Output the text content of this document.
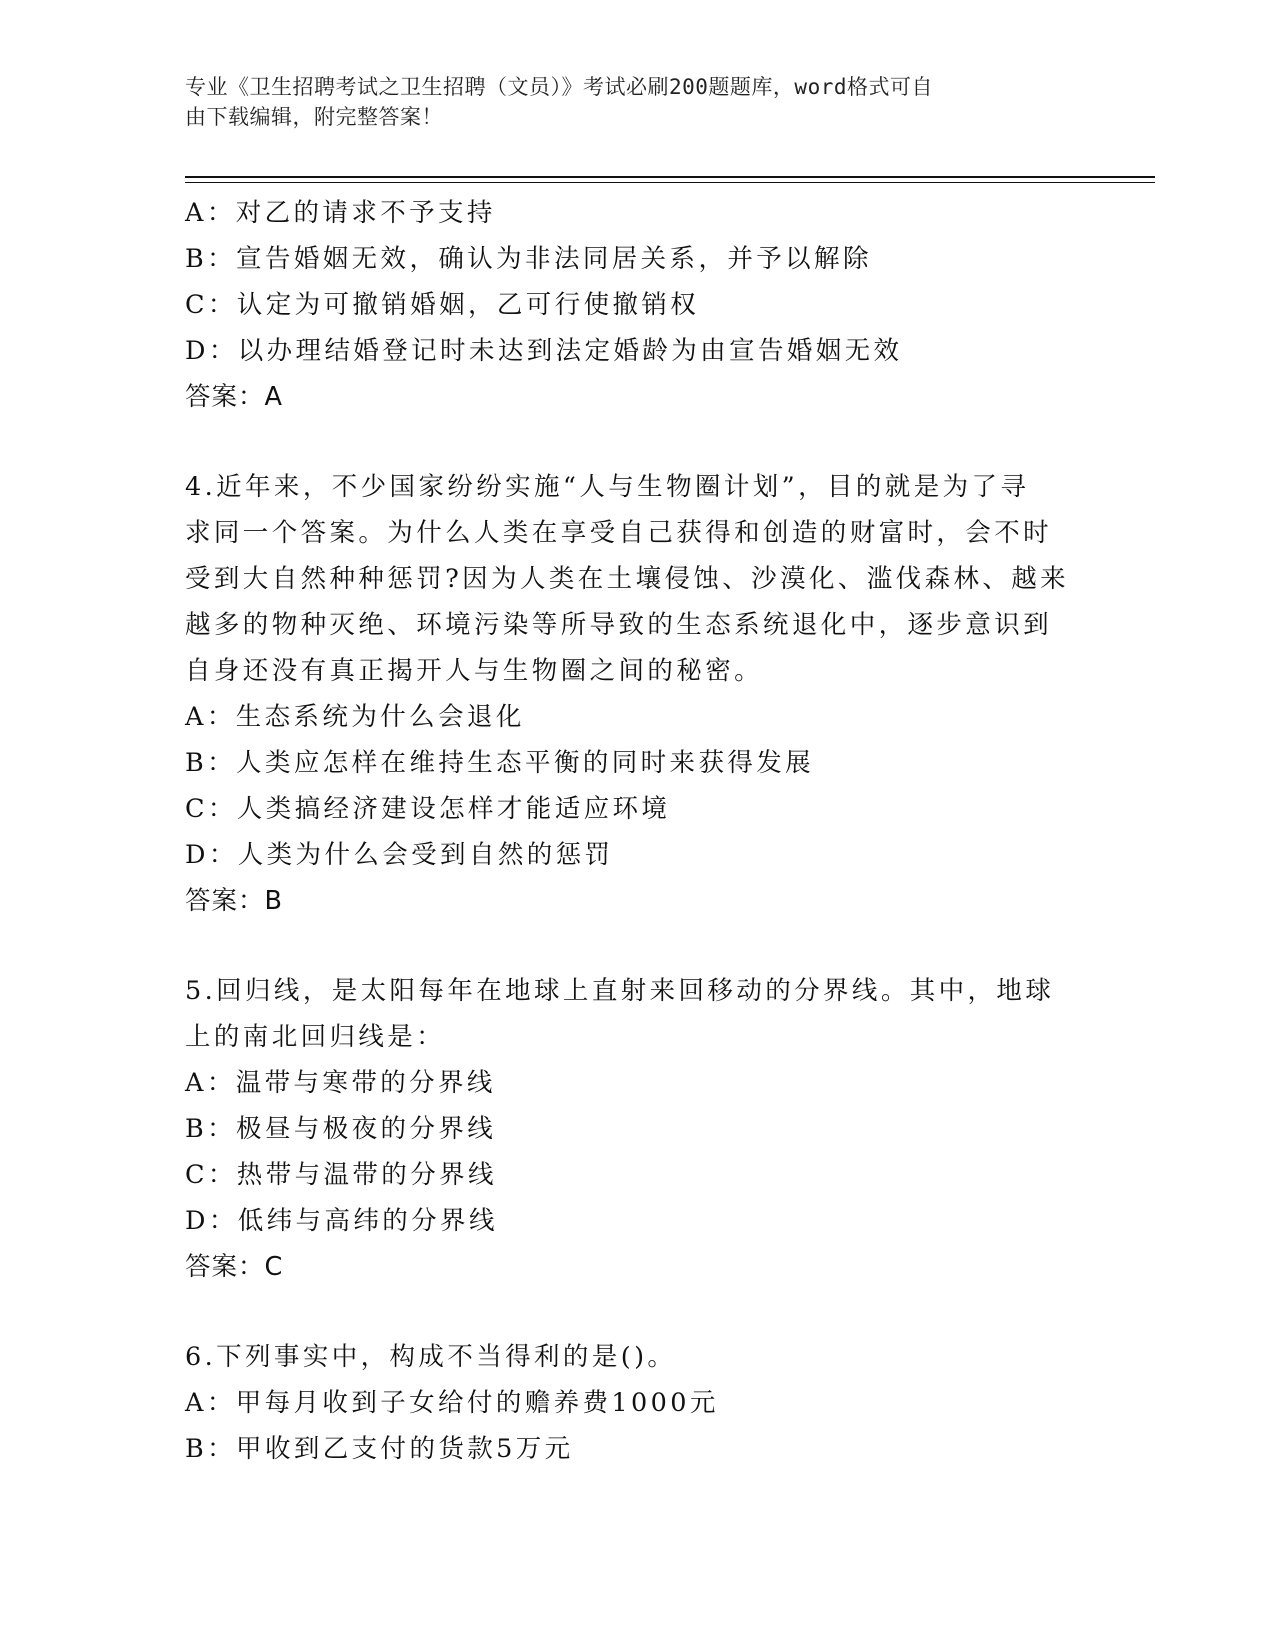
专业《卫生招聘考试之卫生招聘（文员）》考试必刷200题题库，word格式可自
由下载编辑，附完整答案！
A：对乙的请求不予支持
B：宣告婚姻无效，确认为非法同居关系，并予以解除
C：认定为可撤销婚姻，乙可行使撤销权
D：以办理结婚登记时未达到法定婚龄为由宣告婚姻无效
答案：A
4.近年来，不少国家纷纷实施“人与生物圈计划”，目的就是为了寻
求同一个答案。为什么人类在享受自己获得和创造的财富时，会不时
受到大自然种种惩罚?因为人类在土壤侵蚀、沙漠化、滥伐森林、越来
越多的物种灭绝、环境污染等所导致的生态系统退化中，逐步意识到
自身还没有真正揭开人与生物圈之间的秘密。
A：生态系统为什么会退化
B：人类应怎样在维持生态平衡的同时来获得发展
C：人类搞经济建设怎样才能适应环境
D：人类为什么会受到自然的惩罚
答案：B
5.回归线，是太阳每年在地球上直射来回移动的分界线。其中，地球
上的南北回归线是：
A：温带与寒带的分界线
B：极昼与极夜的分界线
C：热带与温带的分界线
D：低纬与高纬的分界线
答案：C
6.下列事实中，构成不当得利的是()。
A：甲每月收到子女给付的赡养费1000元
B：甲收到乙支付的货款5万元
